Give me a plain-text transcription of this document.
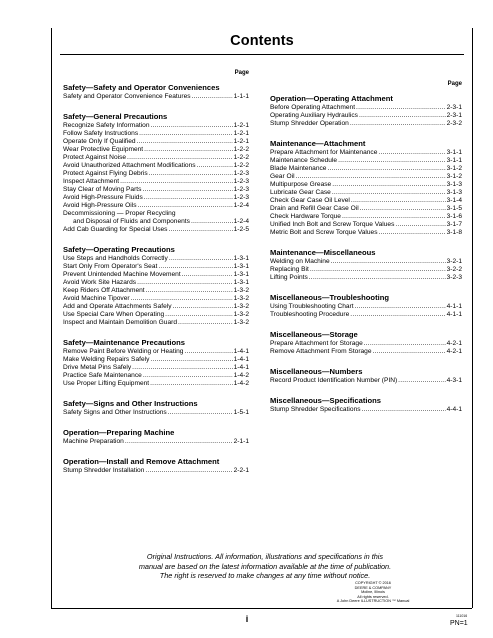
Contents
Page
Safety—Safety and Operator Conveniences
Safety and Operator Convenience Features .....	1-1-1
Safety—General Precautions
Recognize Safety Information .....	1-2-1
Follow Safety Instructions .....	1-2-1
Operate Only If Qualified .....	1-2-1
Wear Protective Equipment .....	1-2-2
Protect Against Noise .....	1-2-2
Avoid Unauthorized Attachment Modifications .....	1-2-2
Protect Against Flying Debris .....	1-2-3
Inspect Attachment .....	1-2-3
Stay Clear of Moving Parts .....	1-2-3
Avoid High-Pressure Fluids .....	1-2-3
Avoid High-Pressure Oils .....	1-2-4
Decommissioning — Proper Recycling
and Disposal of Fluids and Components .....	1-2-4
Add Cab Guarding for Special Uses .....	1-2-5
Safety—Operating Precautions
Use Steps and Handholds Correctly .....	1-3-1
Start Only From Operator's Seat .....	1-3-1
Prevent Unintended Machine Movement .....	1-3-1
Avoid Work Site Hazards .....	1-3-1
Keep Riders Off Attachment .....	1-3-2
Avoid Machine Tipover .....	1-3-2
Add and Operate Attachments Safely .....	1-3-2
Use Special Care When Operating .....	1-3-2
Inspect and Maintain Demolition Guard .....	1-3-2
Safety—Maintenance Precautions
Remove Paint Before Welding or Heating .....	1-4-1
Make Welding Repairs Safely .....	1-4-1
Drive Metal Pins Safely .....	1-4-1
Practice Safe Maintenance .....	1-4-2
Use Proper Lifting Equipment .....	1-4-2
Safety—Signs and Other Instructions
Safety Signs and Other Instructions .....	1-5-1
Operation—Preparing Machine
Machine Preparation .....	2-1-1
Operation—Install and Remove Attachment
Stump Shredder Installation .....	2-2-1
Page
Operation—Operating Attachment
Before Operating Attachment .....	2-3-1
Operating Auxiliary Hydraulics .....	2-3-1
Stump Shredder Operation .....	2-3-2
Maintenance—Attachment
Prepare Attachment for Maintenance .....	3-1-1
Maintenance Schedule .....	3-1-1
Blade Maintenance .....	3-1-2
Gear Oil .....	3-1-2
Multipurpose Grease .....	3-1-3
Lubricate Gear Case .....	3-1-3
Check Gear Case Oil Level .....	3-1-4
Drain and Refill Gear Case Oil .....	3-1-5
Check Hardware Torque .....	3-1-6
Unified Inch Bolt and Screw Torque Values .....	3-1-7
Metric Bolt and Screw Torque Values .....	3-1-8
Maintenance—Miscellaneous
Welding on Machine .....	3-2-1
Replacing Bit .....	3-2-2
Lifting Points .....	3-2-3
Miscellaneous—Troubleshooting
Using Troubleshooting Chart .....	4-1-1
Troubleshooting Procedure .....	4-1-1
Miscellaneous—Storage
Prepare Attachment for Storage .....	4-2-1
Remove Attachment From Storage .....	4-2-1
Miscellaneous—Numbers
Record Product Identification Number (PIN) .....	4-3-1
Miscellaneous—Specifications
Stump Shredder Specifications .....	4-4-1
Original Instructions. All information, illustrations and specifications in this
manual are based on the latest information available at the time of publication.
The right is reserved to make changes at any time without notice.
COPYRIGHT © 2016
DEERE & COMPANY
Moline, Illinois
All rights reserved.
A John Deere ILLUSTRUCTION ™ Manual
i	111016
PN=1
